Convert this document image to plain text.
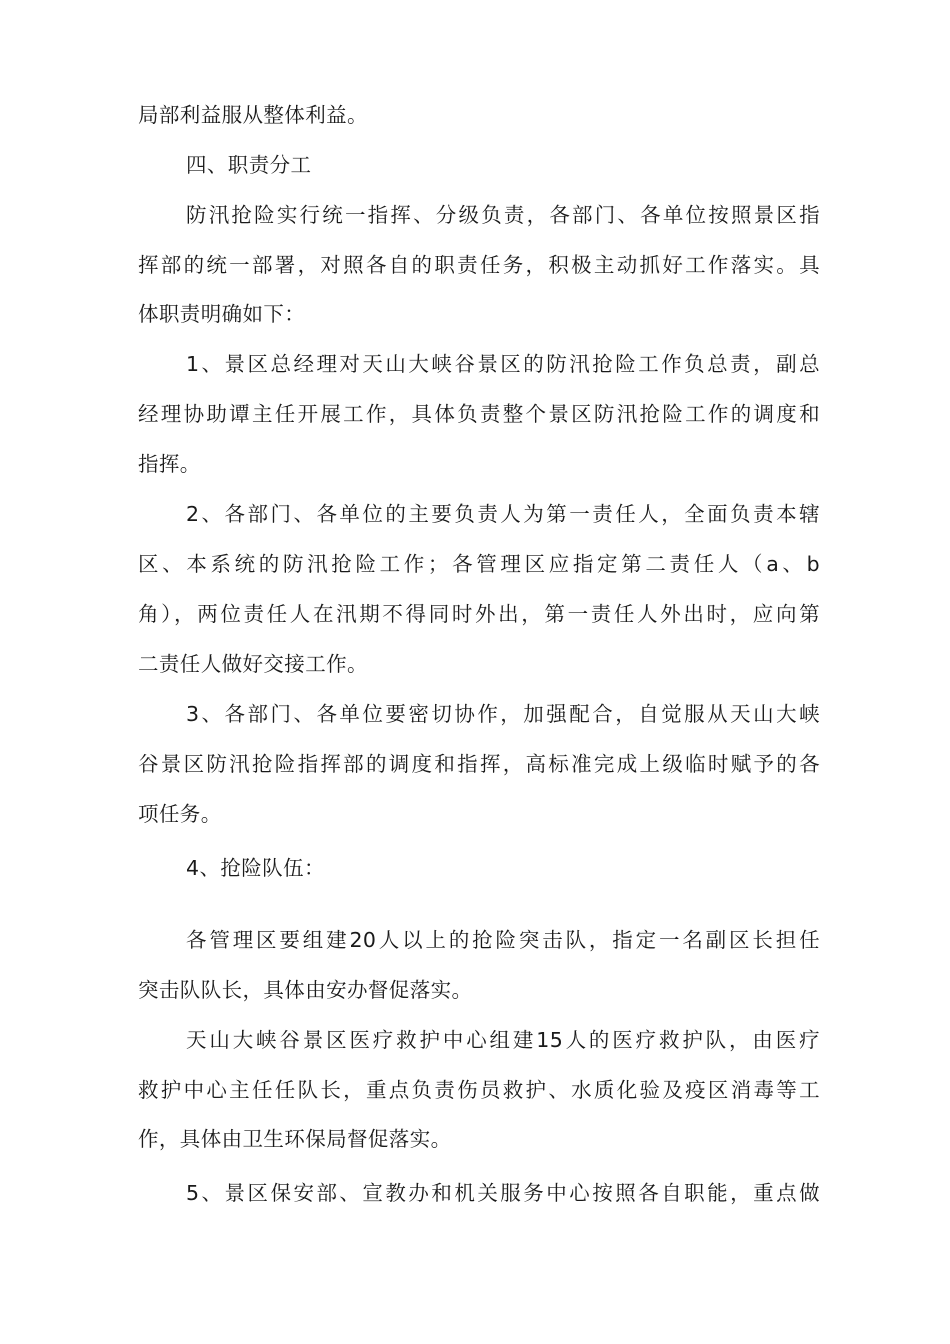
局部利益服从整体利益。
四、职责分工
防汛抢险实行统一指挥、分级负责，各部门、各单位按照景区指
挥部的统一部署，对照各自的职责任务，积极主动抓好工作落实。具
体职责明确如下：
1、景区总经理对天山大峡谷景区的防汛抢险工作负总责，副总
经理协助谭主任开展工作，具体负责整个景区防汛抢险工作的调度和
指挥。
2、各部门、各单位的主要负责人为第一责任人，全面负责本辖
区、本系统的防汛抢险工作；各管理区应指定第二责任人（a、b
角），两位责任人在汛期不得同时外出，第一责任人外出时，应向第
二责任人做好交接工作。
3、各部门、各单位要密切协作，加强配合，自觉服从天山大峡
谷景区防汛抢险指挥部的调度和指挥，高标准完成上级临时赋予的各
项任务。
4、抢险队伍：
各管理区要组建20人以上的抢险突击队，指定一名副区长担任
突击队队长，具体由安办督促落实。
天山大峡谷景区医疗救护中心组建15人的医疗救护队，由医疗
救护中心主任任队长，重点负责伤员救护、水质化验及疫区消毒等工
作，具体由卫生环保局督促落实。
5、景区保安部、宣教办和机关服务中心按照各自职能，重点做
